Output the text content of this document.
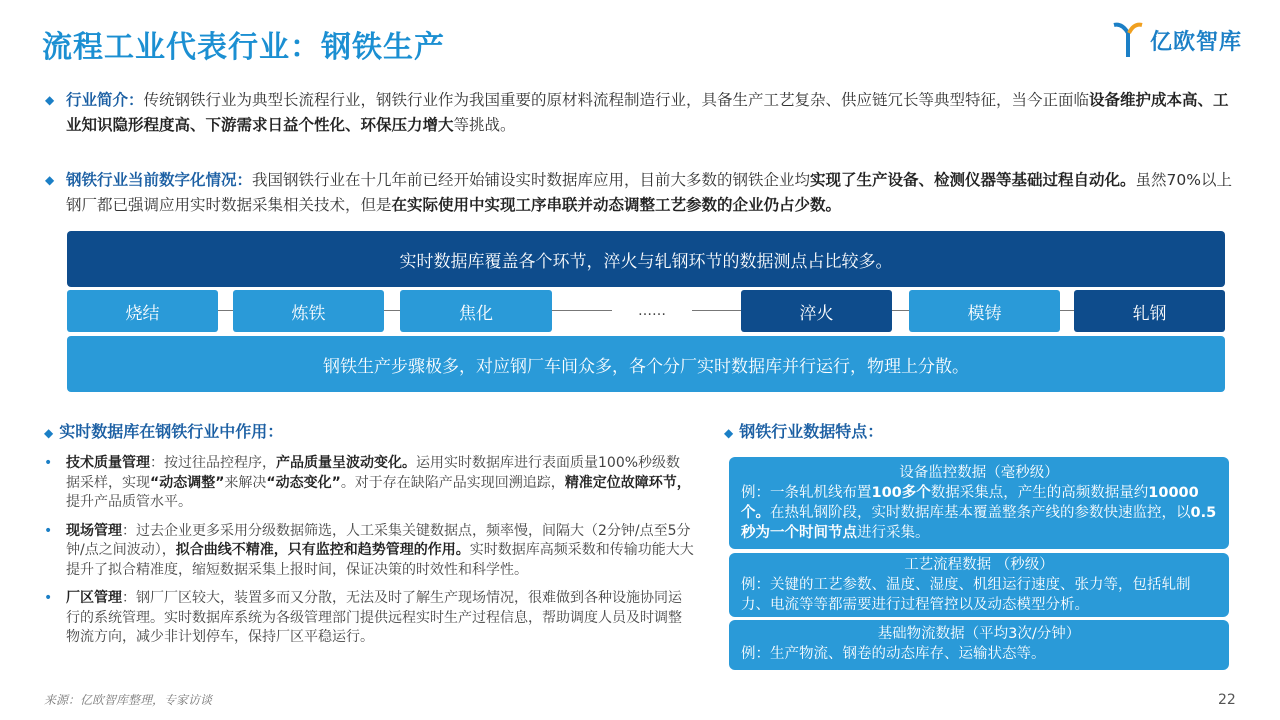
流程工业代表行业：钢铁生产	亿欧智库
◆ 行业简介：传统钢铁行业为典型长流程行业，钢铁行业作为我国重要的原材料流程制造行业，具备生产工艺复杂、供应链冗长等典型特征，当今正面临设备维护成本高、工业知识隐形程度高、下游需求日益个性化、环保压力增大等挑战。
◆ 钢铁行业当前数字化情况：我国钢铁行业在十几年前已经开始铺设实时数据库应用，目前大多数的钢铁企业均实现了生产设备、检测仪器等基础过程自动化。虽然70%以上钢厂都已强调应用实时数据采集相关技术，但是在实际使用中实现工序串联并动态调整工艺参数的企业仍占少数。
实时数据库覆盖各个环节，淬火与轧钢环节的数据测点占比较多。
烧结	炼铁	焦化	……	淬火	模铸	轧钢
钢铁生产步骤极多，对应钢厂车间众多，各个分厂实时数据库并行运行，物理上分散。
◆ 实时数据库在钢铁行业中作用：
• 技术质量管理：按过往品控程序，产品质量呈波动变化。运用实时数据库进行表面质量100%秒级数据采样，实现“动态调整”来解决“动态变化”。对于存在缺陷产品实现回溯追踪，精准定位故障环节，提升产品质管水平。
• 现场管理：过去企业更多采用分级数据筛选，人工采集关键数据点，频率慢，间隔大（2分钟/点至5分钟/点之间波动），拟合曲线不精准，只有监控和趋势管理的作用。实时数据库高频采数和传输功能大大提升了拟合精准度，缩短数据采集上报时间，保证决策的时效性和科学性。
• 厂区管理：钢厂厂区较大，装置多而又分散，无法及时了解生产现场情况，很难做到各种设施协同运行的系统管理。实时数据库系统为各级管理部门提供远程实时生产过程信息，帮助调度人员及时调整物流方向，减少非计划停车，保持厂区平稳运行。
◆ 钢铁行业数据特点：
设备监控数据（毫秒级）
例：一条轧机线布置100多个数据采集点，产生的高频数据量约10000个。在热轧钢阶段，实时数据库基本覆盖整条产线的参数快速监控，以0.5秒为一个时间节点进行采集。
工艺流程数据 （秒级）
例：关键的工艺参数、温度、湿度、机组运行速度、张力等，包括轧制力、电流等等都需要进行过程管控以及动态模型分析。
基础物流数据（平均3次/分钟）
例：生产物流、钢卷的动态库存、运输状态等。
来源：亿欧智库整理，专家访谈	22
